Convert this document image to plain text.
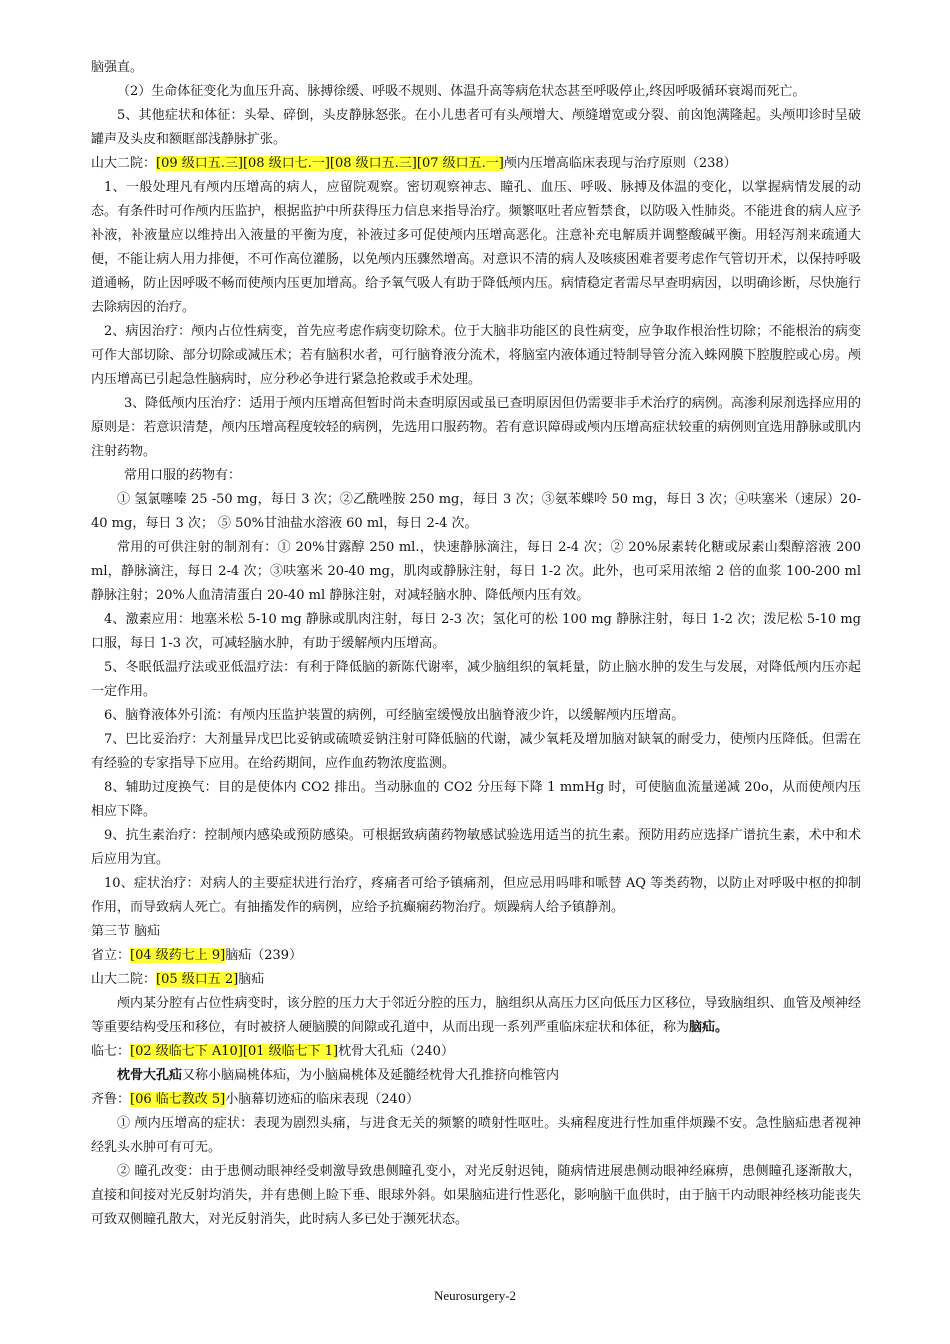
脑强直。

（2）生命体征变化为血压升高、脉搏徐缓、呼吸不规则、体温升高等病危状态甚至呼吸停止,终因呼吸循环衰竭而死亡。

5、其他症状和体征：头晕、碎倒，头皮静脉怒张。在小儿患者可有头颅增大、颅缝增宽或分裂、前囟饱满隆起。头颅叩诊时呈破罐声及头皮和额眶部浅静脉扩张。

山大二院：[09 级口五.三][08 级口七.一][08 级口五.三][07 级口五.一]颅内压增高临床表现与治疗原则（238）

1、一般处理凡有颅内压增高的病人，应留院观察。密切观察神志、瞳孔、血压、呼吸、脉搏及体温的变化，以掌握病情发展的动态。有条件时可作颅内压监护，根据监护中所获得压力信息来指导治疗。频繁呕吐者应暂禁食，以防吸入性肺炎。不能进食的病人应予补液，补液量应以维持出入液量的平衡为度，补液过多可促使颅内压增高恶化。注意补充电解质并调整酸碱平衡。用轻泻剂来疏通大便，不能让病人用力排便，不可作高位灌肠，以免颅内压骤然增高。对意识不清的病人及咳痰困难者要考虑作气管切开术，以保持呼吸道通畅，防止因呼吸不畅而使颅内压更加增高。给予氧气吸人有助于降低颅内压。病情稳定者需尽早查明病因，以明确诊断，尽快施行去除病因的治疗。

2、病因治疗：颅内占位性病变，首先应考虑作病变切除术。位于大脑非功能区的良性病变，应争取作根治性切除；不能根治的病变可作大部切除、部分切除或减压术；若有脑积水者，可行脑脊液分流术，将脑室内液体通过特制导管分流入蛛网膜下腔腹腔或心房。颅内压增高已引起急性脑病时，应分秒必争进行紧急抢救或手术处理。

3、降低颅内压治疗：适用于颅内压增高但暂时尚未查明原因或虽已查明原因但仍需要非手术治疗的病例。高渗利尿剂选择应用的原则是：若意识清楚，颅内压增高程度较轻的病例，先选用口服药物。若有意识障碍或颅内压增高症状较重的病例则宜选用静脉或肌内注射药物。

常用口服的药物有：

① 氢氯噻嗪 25 -50 mg，每日 3 次；②乙酰唑胺 250 mg，每日 3 次；③氨苯蝶呤 50 mg，每日 3 次；④呋塞米（速尿）20-40 mg，每日 3 次； ⑤ 50%甘油盐水溶液 60 ml，每日 2-4 次。

常用的可供注射的制剂有：① 20%甘露醇 250 ml.，快速静脉滴注，每日 2-4 次；② 20%尿素转化糖或尿素山梨醇溶液 200 ml，静脉滴注，每日 2-4 次；③呋塞米 20-40 mg，肌肉或静脉注射，每日 1-2 次。此外，也可采用浓缩 2 倍的血浆 100-200 ml 静脉注射；20%人血清清蛋白 20-40 ml 静脉注射，对减轻脑水肿、降低颅内压有效。

4、激素应用：地塞米松 5-10 mg 静脉或肌肉注射，每日 2-3 次；氢化可的松 100 mg 静脉注射，每日 1-2 次；泼尼松 5-10 mg 口服，每日 1-3 次，可减轻脑水肿，有助于缓解颅内压增高。

5、冬眠低温疗法或亚低温疗法：有利于降低脑的新陈代谢率，减少脑组织的氧耗量，防止脑水肿的发生与发展，对降低颅内压亦起一定作用。

6、脑脊液体外引流：有颅内压监护装置的病例，可经脑室缓慢放出脑脊液少许，以缓解颅内压增高。

7、巴比妥治疗：大剂量异戊巴比妥钠或硫喷妥钠注射可降低脑的代谢，减少氧耗及增加脑对缺氧的耐受力，使颅内压降低。但需在有经验的专家指导下应用。在给药期间，应作血药物浓度监测。

8、辅助过度换气：目的是使体内 CO2 排出。当动脉血的 CO2 分压每下降 1 mmHg 时，可使脑血流量递减 20o，从而使颅内压相应下降。

9、抗生素治疗：控制颅内感染或预防感染。可根据致病菌药物敏感试验选用适当的抗生素。预防用药应选择广谱抗生素，术中和术后应用为宜。

10、症状治疗：对病人的主要症状进行治疗，疼痛者可给予镇痛剂，但应忌用吗啡和哌替 AQ 等类药物，以防止对呼吸中枢的抑制作用，而导致病人死亡。有抽搐发作的病例，应给予抗癫痫药物治疗。烦躁病人给予镇静剂。

第三节 脑疝

省立：[04 级药七上 9]脑疝（239）

山大二院：[05 级口五 2]脑疝

颅内某分腔有占位性病变时，该分腔的压力大于邻近分腔的压力，脑组织从高压力区向低压力区移位，导致脑组织、血管及颅神经等重要结构受压和移位，有时被挤人硬脑膜的间隙或孔道中，从而出现一系列严重临床症状和体征，称为脑疝。

临七：[02 级临七下 A10][01 级临七下 1]枕骨大孔疝（240）

枕骨大孔疝又称小脑扁桃体疝，为小脑扁桃体及延髓经枕骨大孔推挤向椎管内

齐鲁：[06 临七教改 5]小脑幕切迹疝的临床表现（240）

① 颅内压增高的症状：表现为剧烈头痛，与进食无关的频繁的喷射性呕吐。头痛程度进行性加重伴烦躁不安。急性脑疝患者视神经乳头水肿可有可无。

② 瞳孔改变：由于患侧动眼神经受刺激导致患侧瞳孔变小，对光反射迟钝，随病情进展患侧动眼神经麻痹，患侧瞳孔逐渐散大，直接和间接对光反射均消失，并有患侧上睑下垂、眼球外斜。如果脑疝进行性恶化，影响脑干血供时，由于脑干内动眼神经核功能丧失可致双侧瞳孔散大，对光反射消失，此时病人多已处于濒死状态。

Neurosurgery-2
